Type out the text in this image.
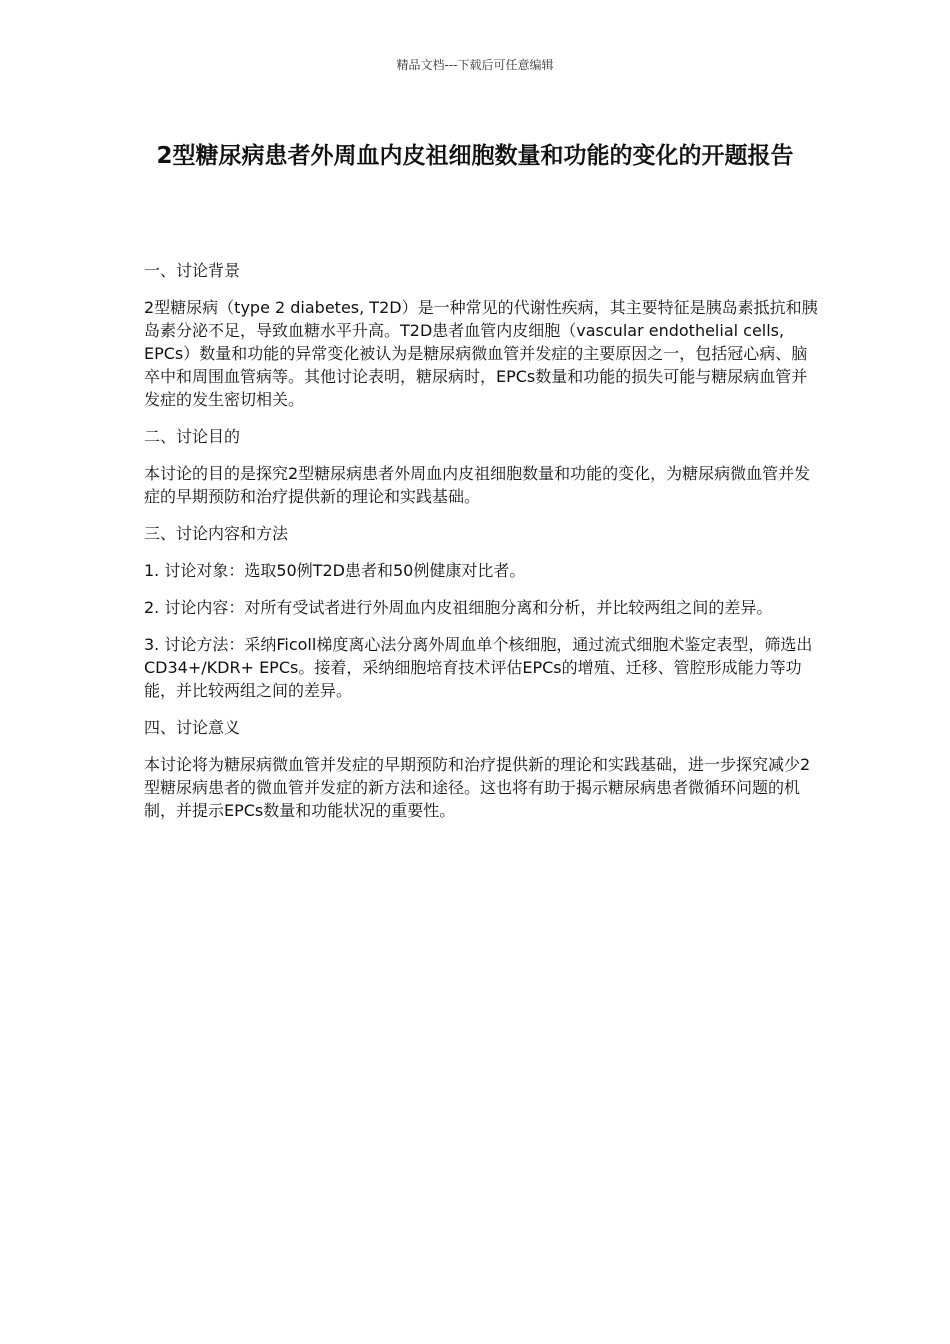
精品文档---下载后可任意编辑
2型糖尿病患者外周血内皮祖细胞数量和功能的变化的开题报告

一、讨论背景

2型糖尿病（type 2 diabetes, T2D）是一种常见的代谢性疾病，其主要特征是胰岛素抵抗和胰岛素分泌不足，导致血糖水平升高。T2D患者血管内皮细胞（vascular endothelial cells, EPCs）数量和功能的异常变化被认为是糖尿病微血管并发症的主要原因之一，包括冠心病、脑卒中和周围血管病等。其他讨论表明，糖尿病时，EPCs数量和功能的损失可能与糖尿病血管并发症的发生密切相关。

二、讨论目的

本讨论的目的是探究2型糖尿病患者外周血内皮祖细胞数量和功能的变化，为糖尿病微血管并发症的早期预防和治疗提供新的理论和实践基础。

三、讨论内容和方法

1. 讨论对象：选取50例T2D患者和50例健康对比者。

2. 讨论内容：对所有受试者进行外周血内皮祖细胞分离和分析，并比较两组之间的差异。

3. 讨论方法：采纳Ficoll梯度离心法分离外周血单个核细胞，通过流式细胞术鉴定表型，筛选出CD34+/KDR+ EPCs。接着，采纳细胞培育技术评估EPCs的增殖、迁移、管腔形成能力等功能，并比较两组之间的差异。

四、讨论意义

本讨论将为糖尿病微血管并发症的早期预防和治疗提供新的理论和实践基础，进一步探究减少2型糖尿病患者的微血管并发症的新方法和途径。这也将有助于揭示糖尿病患者微循环问题的机制，并提示EPCs数量和功能状况的重要性。
